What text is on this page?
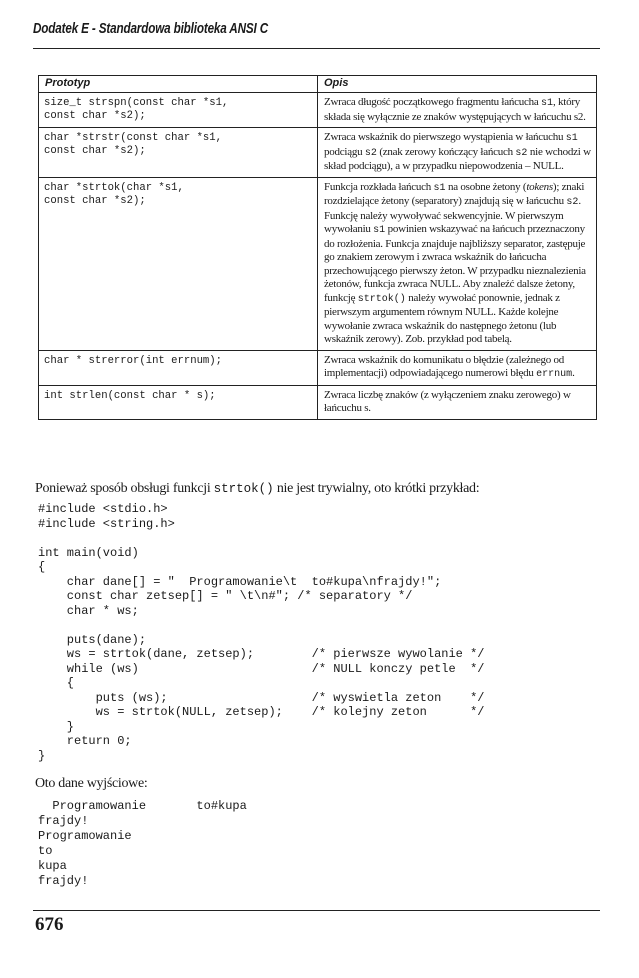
Dodatek E - Standardowa biblioteka ANSI C
Prototyp	Opis
size_t strspn(const char *s1,
const char *s2);	Zwraca długość początkowego fragmentu łańcucha s1, który składa się wyłącznie ze znaków występujących w łańcuchu s2.
char *strstr(const char *s1,
const char *s2);	Zwraca wskaźnik do pierwszego wystąpienia w łańcuchu s1 podciągu s2 (znak zerowy kończący łańcuch s2 nie wchodzi w skład podciągu), a w przypadku niepowodzenia – NULL.
char *strtok(char *s1,
const char *s2);	Funkcja rozkłada łańcuch s1 na osobne żetony (tokens); znaki rozdzielające żetony (separatory) znajdują się w łańcuchu s2. Funkcję należy wywoływać sekwencyjnie. W pierwszym wywołaniu s1 powinien wskazywać na łańcuch przeznaczony do rozłożenia. Funkcja znajduje najbliższy separator, zastępuje go znakiem zerowym i zwraca wskaźnik do łańcucha przechowującego pierwszy żeton. W przypadku nieznalezienia żetonów, funkcja zwraca NULL. Aby znaleźć dalsze żetony, funkcję strtok() należy wywołać ponownie, jednak z pierwszym argumentem równym NULL. Każde kolejne wywołanie zwraca wskaźnik do następnego żetonu (lub wskaźnik zerowy). Zob. przykład pod tabelą.
char * strerror(int errnum);	Zwraca wskaźnik do komunikatu o błędzie (zależnego od implementacji) odpowiadającego numerowi błędu errnum.
int strlen(const char * s);	Zwraca liczbę znaków (z wyłączeniem znaku zerowego) w łańcuchu s.
Ponieważ sposób obsługi funkcji strtok() nie jest trywialny, oto krótki przykład:
#include <stdio.h>
#include <string.h>

int main(void)
{
char dane[] = "  Programowanie\t  to#kupa\nfrajdy!";
const char zetsep[] = " \t\n#"; /* separatory */
char * ws;

puts(dane);
ws = strtok(dane, zetsep);        /* pierwsze wywolanie */
while (ws)                        /* NULL konczy petle  */
{
puts (ws);                    /* wyswietla zeton    */
ws = strtok(NULL, zetsep);    /* kolejny zeton      */
}
return 0;
}
Oto dane wyjściowe:
Programowanie       to#kupa
frajdy!
Programowanie
to
kupa
frajdy!
676
